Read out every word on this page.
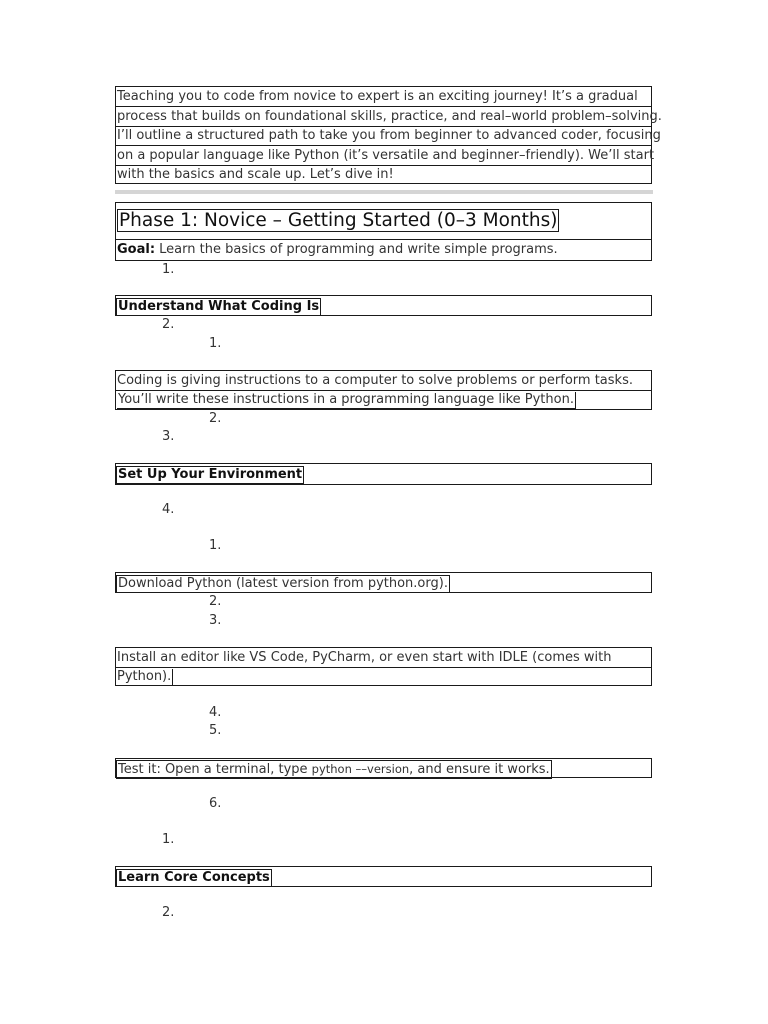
Teaching you to code from novice to expert is an exciting journey! It’s a gradual
process that builds on foundational skills, practice, and real–world problem–solving.
I’ll outline a structured path to take you from beginner to advanced coder, focusing
on a popular language like Python (it’s versatile and beginner–friendly). We’ll start
with the basics and scale up. Let’s dive in!
Phase 1: Novice – Getting Started (0–3 Months)
Goal: Learn the basics of programming and write simple programs.
1.
Understand What Coding Is
2.
1.
Coding is giving instructions to a computer to solve problems or perform tasks.
You’ll write these instructions in a programming language like Python.
2.
3.
Set Up Your Environment
4.
1.
Download Python (latest version from python.org).
2.
3.
Install an editor like VS Code, PyCharm, or even start with IDLE (comes with
Python).
4.
5.
Test it: Open a terminal, type python ––version, and ensure it works.
6.
1.
Learn Core Concepts
2.
